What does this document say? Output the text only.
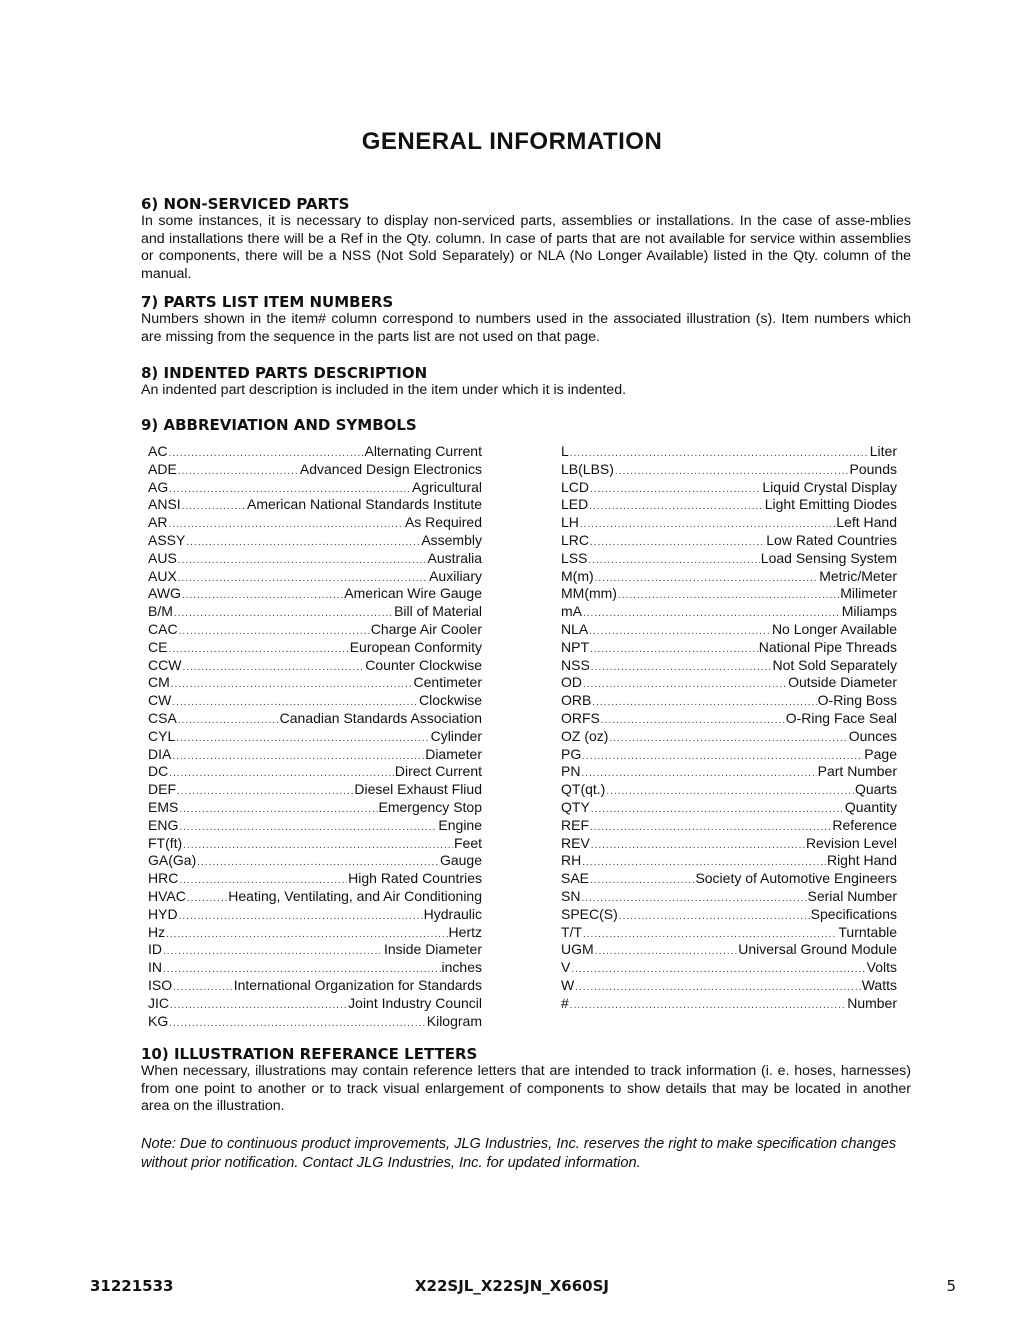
GENERAL INFORMATION

6) NON-SERVICED PARTS

In some instances, it is necessary to display non-serviced parts, assemblies or installations. In the case of asse-mblies and installations there will be a Ref in the Qty. column. In case of parts that are not available for service within assemblies or components, there will be a NSS (Not Sold Separately) or NLA (No Longer Available) listed in the Qty. column of the manual.

7) PARTS LIST ITEM NUMBERS

Numbers shown in the item# column correspond to numbers used in the associated illustration (s). Item numbers which are missing from the sequence in the parts list are not used on that page.

8) INDENTED PARTS DESCRIPTION

An indented part description is included in the item under which it is indented.

9) ABBREVIATION AND SYMBOLS

AC .....	Alternating Current
ADE .....	Advanced Design Electronics
AG .....	Agricultural
ANSI .....	American National Standards Institute
AR .....	As Required
ASSY .....	Assembly
AUS .....	Australia
AUX .....	Auxiliary
AWG .....	American Wire Gauge
B/M .....	Bill of Material
CAC .....	Charge Air Cooler
CE .....	European Conformity
CCW .....	Counter Clockwise
CM .....	Centimeter
CW .....	Clockwise
CSA .....	Canadian Standards Association
CYL .....	Cylinder
DIA .....	Diameter
DC .....	Direct Current
DEF .....	Diesel Exhaust Fliud
EMS .....	Emergency Stop
ENG .....	Engine
FT(ft) .....	Feet
GA(Ga) .....	Gauge
HRC .....	High Rated Countries
HVAC .....	Heating, Ventilating, and Air Conditioning
HYD .....	Hydraulic
Hz .....	Hertz
ID .....	Inside Diameter
IN .....	inches
ISO .....	International Organization for Standards
JIC .....	Joint Industry Council
KG .....	Kilogram
L .....	Liter
LB(LBS) .....	Pounds
LCD .....	Liquid Crystal Display
LED .....	Light Emitting Diodes
LH .....	Left Hand
LRC .....	Low Rated Countries
LSS .....	Load Sensing System
M(m) .....	Metric/Meter
MM(mm) .....	Milimeter
mA .....	Miliamps
NLA .....	No Longer Available
NPT .....	National Pipe Threads
NSS .....	Not Sold Separately
OD .....	Outside Diameter
ORB .....	O-Ring Boss
ORFS .....	O-Ring Face Seal
OZ (oz) .....	Ounces
PG .....	Page
PN .....	Part Number
QT(qt.) .....	Quarts
QTY .....	Quantity
REF .....	Reference
REV .....	Revision Level
RH .....	Right Hand
SAE .....	Society of Automotive Engineers
SN .....	Serial Number
SPEC(S) .....	Specifications
T/T .....	Turntable
UGM .....	Universal Ground Module
V .....	Volts
W .....	Watts
# .....	Number

10) ILLUSTRATION REFERANCE LETTERS

When necessary, illustrations may contain reference letters that are intended to track information (i. e. hoses, harnesses) from one point to another or to track visual enlargement of components to show details that may be located in another area on the illustration.

Note: Due to continuous product improvements, JLG Industries, Inc. reserves the right to make specification changes without prior notification. Contact JLG Industries, Inc. for updated information.

31221533	X22SJL_X22SJN_X660SJ	5
